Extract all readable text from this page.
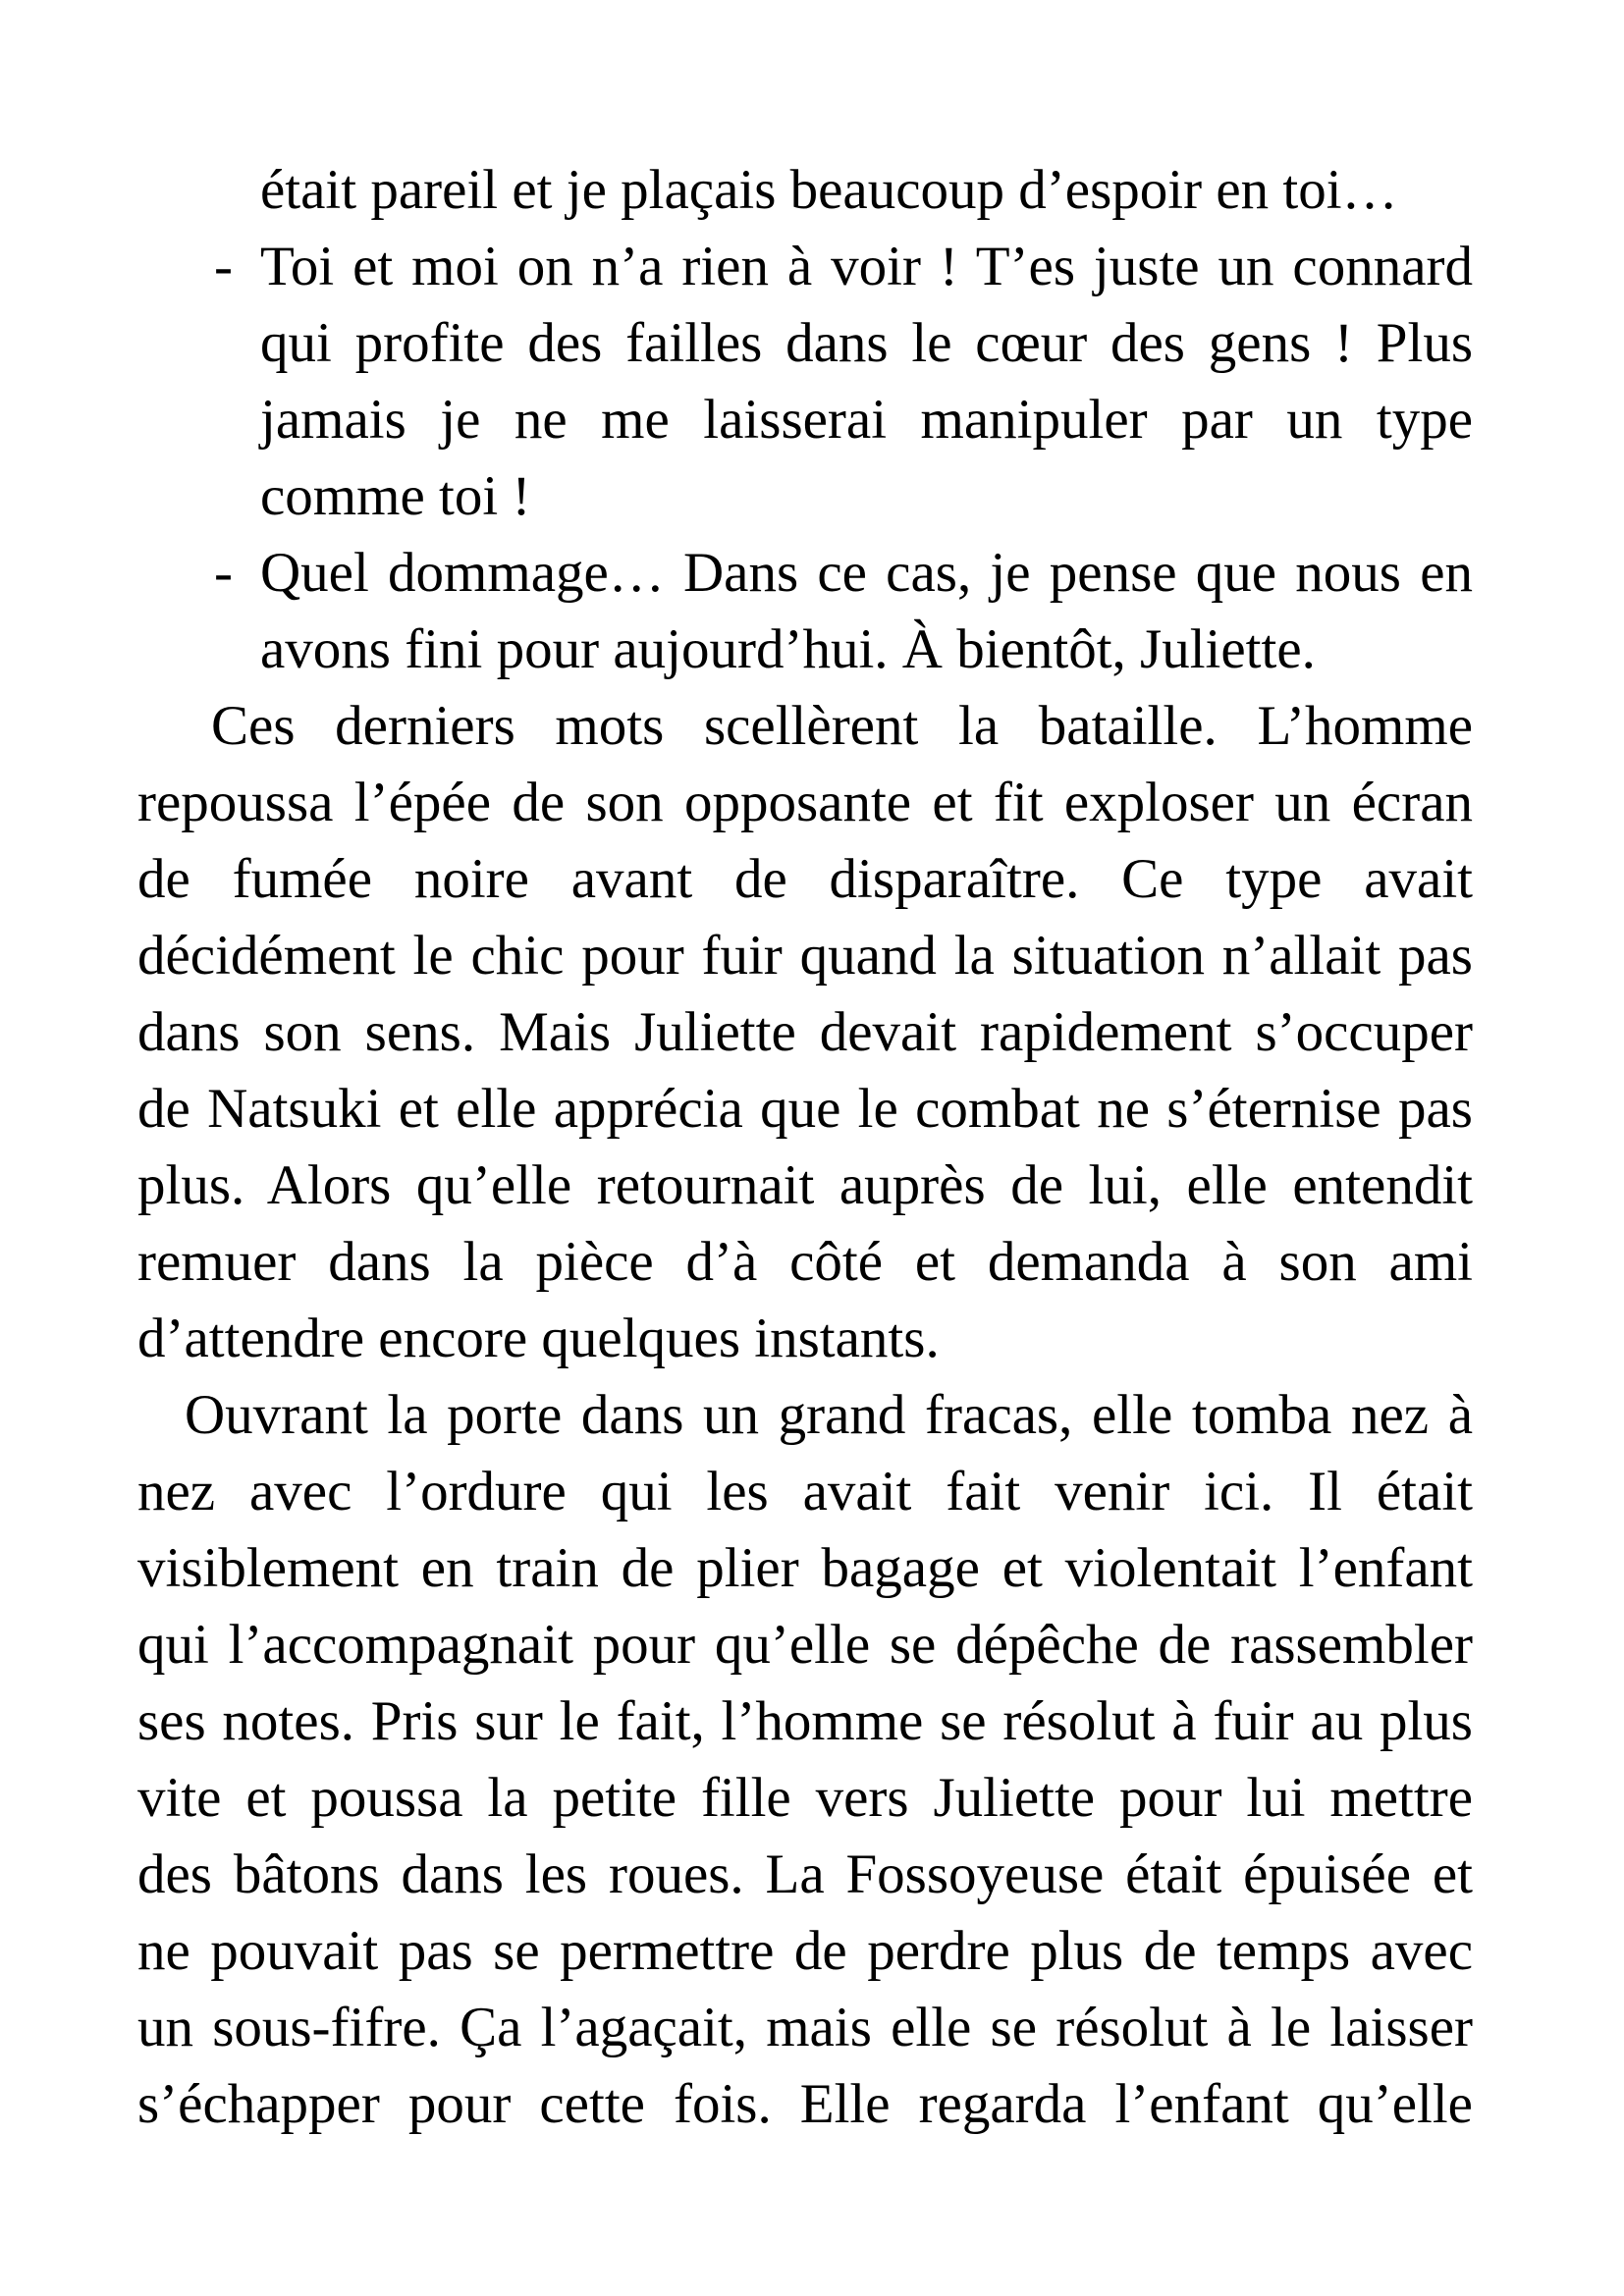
était pareil et je plaçais beaucoup d’espoir en toi…
- Toi et moi on n’a rien à voir ! T’es juste un connard
qui profite des failles dans le cœur des gens ! Plus
jamais je ne me laisserai manipuler par un type
comme toi !
- Quel dommage… Dans ce cas, je pense que nous en
avons fini pour aujourd’hui. À bientôt, Juliette.
Ces derniers mots scellèrent la bataille. L’homme
repoussa l’épée de son opposante et fit exploser un écran
de fumée noire avant de disparaître. Ce type avait
décidément le chic pour fuir quand la situation n’allait pas
dans son sens. Mais Juliette devait rapidement s’occuper
de Natsuki et elle apprécia que le combat ne s’éternise pas
plus. Alors qu’elle retournait auprès de lui, elle entendit
remuer dans la pièce d’à côté et demanda à son ami
d’attendre encore quelques instants.
Ouvrant la porte dans un grand fracas, elle tomba nez à
nez avec l’ordure qui les avait fait venir ici. Il était
visiblement en train de plier bagage et violentait l’enfant
qui l’accompagnait pour qu’elle se dépêche de rassembler
ses notes. Pris sur le fait, l’homme se résolut à fuir au plus
vite et poussa la petite fille vers Juliette pour lui mettre
des bâtons dans les roues. La Fossoyeuse était épuisée et
ne pouvait pas se permettre de perdre plus de temps avec
un sous-fifre. Ça l’agaçait, mais elle se résolut à le laisser
s’échapper pour cette fois. Elle regarda l’enfant qu’elle
